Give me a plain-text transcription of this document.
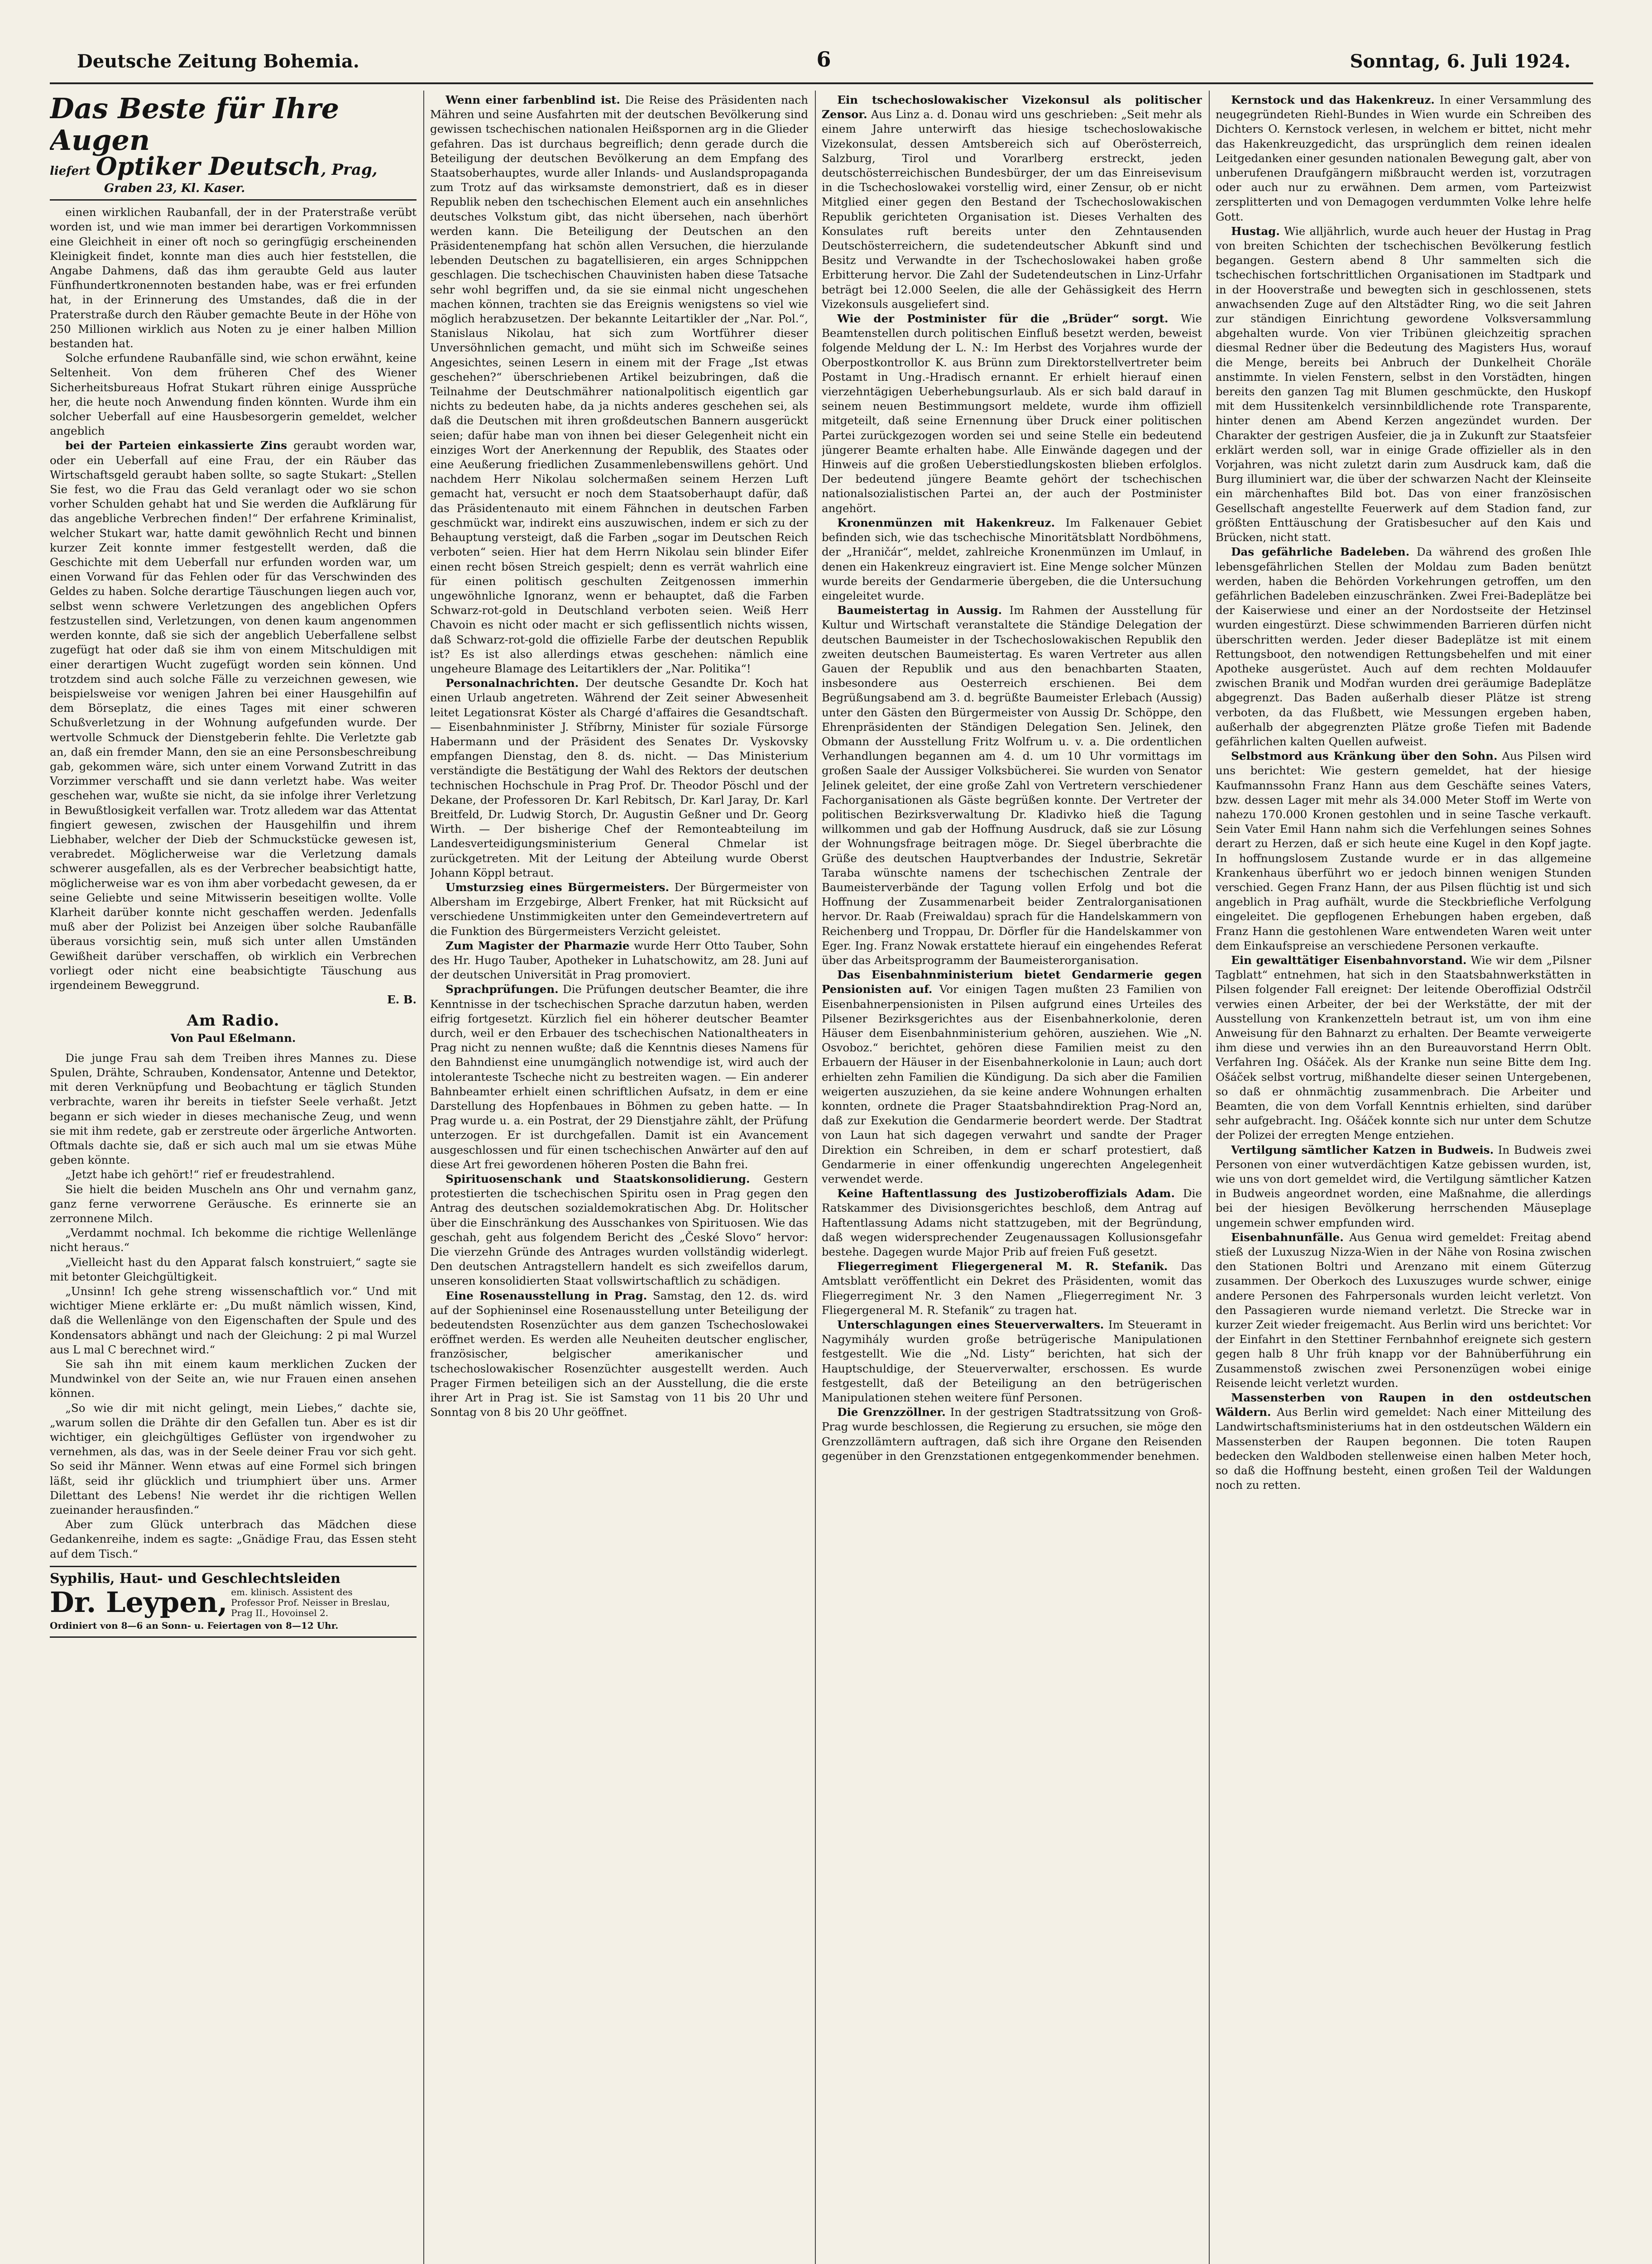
Deutsche Zeitung Bohemia.	6	Sonntag, 6. Juli 1924.
Das Beste für Ihre Augen
liefert Optiker Deutsch, Prag,
Graben 23, Kl. Kaser.

einen wirklichen Raubanfall, der in der Praterstraße verübt worden ist, und wie man immer bei derartigen Vorkommnissen eine Gleichheit in einer oft noch so geringfügig erscheinenden Kleinigkeit findet, konnte man dies auch hier feststellen, die Angabe Dahmens, daß das ihm geraubte Geld aus lauter Fünfhundertkronennoten bestanden habe, was er frei erfunden hat, in der Erinnerung des Umstandes, daß die in der Praterstraße durch den Räuber gemachte Beute in der Höhe von 250 Millionen wirklich aus Noten zu je einer halben Million bestanden hat.

Solche erfundene Raubanfälle sind, wie schon erwähnt, keine Seltenheit. Von dem früheren Chef des Wiener Sicherheitsbureaus Hofrat Stukart rühren einige Aussprüche her, die heute noch Anwendung finden könnten. Wurde ihm ein solcher Ueberfall auf eine Hausbesorgerin gemeldet, welcher angeblich

bei der Parteien einkassierte Zins geraubt worden war, oder ein Ueberfall auf eine Frau, der ein Räuber das Wirtschaftsgeld geraubt haben sollte, so sagte Stukart: „Stellen Sie fest, wo die Frau das Geld veranlagt oder wo sie schon vorher Schulden gehabt hat und Sie werden die Aufklärung für das angebliche Verbrechen finden!“ Der erfahrene Kriminalist, welcher Stukart war, hatte damit gewöhnlich Recht und binnen kurzer Zeit konnte immer festgestellt werden, daß die Geschichte mit dem Ueberfall nur erfunden worden war, um einen Vorwand für das Fehlen oder für das Verschwinden des Geldes zu haben. Solche derartige Täuschungen liegen auch vor, selbst wenn schwere Verletzungen des angeblichen Opfers festzustellen sind, Verletzungen, von denen kaum angenommen werden konnte, daß sie sich der angeblich Ueberfallene selbst zugefügt hat oder daß sie ihm von einem Mitschuldigen mit einer derartigen Wucht zugefügt worden sein können. Und trotzdem sind auch solche Fälle zu verzeichnen gewesen, wie beispielsweise vor wenigen Jahren bei einer Hausgehilfin auf dem Börseplatz, die eines Tages mit einer schweren Schußverletzung in der Wohnung aufgefunden wurde. Der wertvolle Schmuck der Dienstgeberin fehlte. Die Verletzte gab an, daß ein fremder Mann, den sie an eine Personsbeschreibung gab, gekommen wäre, sich unter einem Vorwand Zutritt in das Vorzimmer verschafft und sie dann verletzt habe. Was weiter geschehen war, wußte sie nicht, da sie infolge ihrer Verletzung in Bewußtlosigkeit verfallen war. Trotz alledem war das Attentat fingiert gewesen, zwischen der Hausgehilfin und ihrem Liebhaber, welcher der Dieb der Schmuckstücke gewesen ist, verabredet. Möglicherweise war die Verletzung damals schwerer ausgefallen, als es der Verbrecher beabsichtigt hatte, möglicherweise war es von ihm aber vorbedacht gewesen, da er seine Geliebte und seine Mitwisserin beseitigen wollte. Volle Klarheit darüber konnte nicht geschaffen werden. Jedenfalls muß aber der Polizist bei Anzeigen über solche Raubanfälle überaus vorsichtig sein, muß sich unter allen Umständen Gewißheit darüber verschaffen, ob wirklich ein Verbrechen vorliegt oder nicht eine beabsichtigte Täuschung aus irgendeinem Beweggrund.

E. B.
Am Radio.
Von Paul Eßelmann.

Die junge Frau sah dem Treiben ihres Mannes zu. Diese Spulen, Drähte, Schrauben, Kondensator, Antenne und Detektor, mit deren Verknüpfung und Beobachtung er täglich Stunden verbrachte, waren ihr bereits in tiefster Seele verhaßt. Jetzt begann er sich wieder in dieses mechanische Zeug, und wenn sie mit ihm redete, gab er zerstreute oder ärgerliche Antworten. Oftmals dachte sie, daß er sich auch mal um sie etwas Mühe geben könnte.

„Jetzt habe ich gehört!“ rief er freudestrahlend.

Sie hielt die beiden Muscheln ans Ohr und vernahm ganz, ganz ferne verworrene Geräusche. Es erinnerte sie an zerronnene Milch.

„Verdammt nochmal. Ich bekomme die richtige Wellenlänge nicht heraus.“

„Vielleicht hast du den Apparat falsch konstruiert,“ sagte sie mit betonter Gleichgültigkeit.

„Unsinn! Ich gehe streng wissenschaftlich vor.“ Und mit wichtiger Miene erklärte er: „Du mußt nämlich wissen, Kind, daß die Wellenlänge von den Eigenschaften der Spule und des Kondensators abhängt und nach der Gleichung: 2 pi mal Wurzel aus L mal C berechnet wird.“

Sie sah ihn mit einem kaum merklichen Zucken der Mundwinkel von der Seite an, wie nur Frauen einen ansehen können.

„So wie dir mit nicht gelingt, mein Liebes,“ dachte sie, „warum sollen die Drähte dir den Gefallen tun. Aber es ist dir wichtiger, ein gleichgültiges Geflüster von irgendwoher zu vernehmen, als das, was in der Seele deiner Frau vor sich geht. So seid ihr Männer. Wenn etwas auf eine Formel sich bringen läßt, seid ihr glücklich und triumphiert über uns. Armer Dilettant des Lebens! Nie werdet ihr die richtigen Wellen zueinander herausfinden.“

Aber zum Glück unterbrach das Mädchen diese Gedankenreihe, indem es sagte: „Gnädige Frau, das Essen steht auf dem Tisch.“

Syphilis, Haut- und Geschlechtsleiden
Dr. Leypen, em. klinisch. Assistent des Professor Prof. Neisser in Breslau, Prag II., Hovoinsel 2.
Ordiniert von 8—6 an Sonn- u. Feiertagen von 8—12 Uhr.

Wenn einer farbenblind ist. Die Reise des Präsidenten nach Mähren und seine Ausfahrten mit der deutschen Bevölkerung sind gewissen tschechischen nationalen Heißspornen arg in die Glieder gefahren. Das ist durchaus begreiflich; denn gerade durch die Beteiligung der deutschen Bevölkerung an dem Empfang des Staatsoberhauptes, wurde aller Inlands- und Auslandspropaganda zum Trotz auf das wirksamste demonstriert, daß es in dieser Republik neben den tschechischen Element auch ein ansehnliches deutsches Volkstum gibt, das nicht übersehen, nach überhört werden kann. Die Beteiligung der Deutschen an den Präsidentenempfang hat schön allen Versuchen, die hierzulande lebenden Deutschen zu bagatellisieren, ein arges Schnippchen geschlagen. Die tschechischen Chauvinisten haben diese Tatsache sehr wohl begriffen und, da sie sie einmal nicht ungeschehen machen können, trachten sie das Ereignis wenigstens so viel wie möglich herabzusetzen. Der bekannte Leitartikler der „Nar. Pol.“, Stanislaus Nikolau, hat sich zum Wortführer dieser Unversöhnlichen gemacht, und müht sich im Schweiße seines Angesichtes, seinen Lesern in einem mit der Frage „Ist etwas geschehen?“ überschriebenen Artikel beizubringen, daß die Teilnahme der Deutschmährer nationalpolitisch eigentlich gar nichts zu bedeuten habe, da ja nichts anderes geschehen sei, als daß die Deutschen mit ihren großdeutschen Bannern ausgerückt seien; dafür habe man von ihnen bei dieser Gelegenheit nicht ein einziges Wort der Anerkennung der Republik, des Staates oder eine Aeußerung friedlichen Zusammenlebenswillens gehört. Und nachdem Herr Nikolau solchermaßen seinem Herzen Luft gemacht hat, versucht er noch dem Staatsoberhaupt dafür, daß das Präsidentenauto mit einem Fähnchen in deutschen Farben geschmückt war, indirekt eins auszuwischen, indem er sich zu der Behauptung versteigt, daß die Farben „sogar im Deutschen Reich verboten“ seien. Hier hat dem Herrn Nikolau sein blinder Eifer einen recht bösen Streich gespielt; denn es verrät wahrlich eine für einen politisch geschulten Zeitgenossen immerhin ungewöhnliche Ignoranz, wenn er behauptet, daß die Farben Schwarz-rot-gold in Deutschland verboten seien. Weiß Herr Chavoin es nicht oder macht er sich geflissentlich nichts wissen, daß Schwarz-rot-gold die offizielle Farbe der deutschen Republik ist? Es ist also allerdings etwas geschehen: nämlich eine ungeheure Blamage des Leitartiklers der „Nar. Politika“!

Personalnachrichten. Der deutsche Gesandte Dr. Koch hat einen Urlaub angetreten. Während der Zeit seiner Abwesenheit leitet Legationsrat Köster als Chargé d'affaires die Gesandtschaft. — Eisenbahnminister J. Stříbrny, Minister für soziale Fürsorge Habermann und der Präsident des Senates Dr. Vyskovsky empfangen Dienstag, den 8. ds. nicht. — Das Ministerium verständigte die Bestätigung der Wahl des Rektors der deutschen technischen Hochschule in Prag Prof. Dr. Theodor Pöschl und der Dekane, der Professoren Dr. Karl Rebitsch, Dr. Karl Jaray, Dr. Karl Breitfeld, Dr. Ludwig Storch, Dr. Augustin Geßner und Dr. Georg Wirth. — Der bisherige Chef der Remonteabteilung im Landesverteidigungsministerium General Chmelar ist zurückgetreten. Mit der Leitung der Abteilung wurde Oberst Johann Köppl betraut.

Umsturzsieg eines Bürgermeisters. Der Bürgermeister von Albersham im Erzgebirge, Albert Frenker, hat mit Rücksicht auf verschiedene Unstimmigkeiten unter den Gemeindevertretern auf die Funktion des Bürgermeisters Verzicht geleistet.

Zum Magister der Pharmazie wurde Herr Otto Tauber, Sohn des Hr. Hugo Tauber, Apotheker in Luhatschowitz, am 28. Juni auf der deutschen Universität in Prag promoviert.

Sprachprüfungen. Die Prüfungen deutscher Beamter, die ihre Kenntnisse in der tschechischen Sprache darzutun haben, werden eifrig fortgesetzt. Kürzlich fiel ein höherer deutscher Beamter durch, weil er den Erbauer des tschechischen Nationaltheaters in Prag nicht zu nennen wußte; daß die Kenntnis dieses Namens für den Bahndienst eine unumgänglich notwendige ist, wird auch der intoleranteste Tscheche nicht zu bestreiten wagen. — Ein anderer Bahnbeamter erhielt einen schriftlichen Aufsatz, in dem er eine Darstellung des Hopfenbaues in Böhmen zu geben hatte. — In Prag wurde u. a. ein Postrat, der 29 Dienstjahre zählt, der Prüfung unterzogen. Er ist durchgefallen. Damit ist ein Avancement ausgeschlossen und für einen tschechischen Anwärter auf den auf diese Art frei gewordenen höheren Posten die Bahn frei.

Spirituosenschank und Staatskonsolidierung. Gestern protestierten die tschechischen Spiritu osen in Prag gegen den Antrag des deutschen sozialdemokratischen Abg. Dr. Holitscher über die Einschränkung des Ausschankes von Spirituosen. Wie das geschah, geht aus folgendem Bericht des „České Slovo“ hervor: Die vierzehn Gründe des Antrages wurden vollständig widerlegt. Den deutschen Antragstellern handelt es sich zweifellos darum, unseren konsolidierten Staat vollswirtschaftlich zu schädigen.

Eine Rosenausstellung in Prag. Samstag, den 12. ds. wird auf der Sophieninsel eine Rosenausstellung unter Beteiligung der bedeutendsten Rosenzüchter aus dem ganzen Tschechoslowakei eröffnet werden. Es werden alle Neuheiten deutscher englischer, französischer, belgischer amerikanischer und tschechoslowakischer Rosenzüchter ausgestellt werden. Auch Prager Firmen beteiligen sich an der Ausstellung, die die erste ihrer Art in Prag ist. Sie ist Samstag von 11 bis 20 Uhr und Sonntag von 8 bis 20 Uhr geöffnet.

Ein tschechoslowakischer Vizekonsul als politischer Zensor. Aus Linz a. d. Donau wird uns geschrieben: „Seit mehr als einem Jahre unterwirft das hiesige tschechoslowakische Vizekonsulat, dessen Amtsbereich sich auf Oberösterreich, Salzburg, Tirol und Vorarlberg erstreckt, jeden deutschösterreichischen Bundesbürger, der um das Einreisevisum in die Tschechoslowakei vorstellig wird, einer Zensur, ob er nicht Mitglied einer gegen den Bestand der Tschechoslowakischen Republik gerichteten Organisation ist. Dieses Verhalten des Konsulates ruft bereits unter den Zehntausenden Deutschösterreichern, die sudetendeutscher Abkunft sind und Besitz und Verwandte in der Tschechoslowakei haben große Erbitterung hervor. Die Zahl der Sudetendeutschen in Linz-Urfahr beträgt bei 12.000 Seelen, die alle der Gehässigkeit des Herrn Vizekonsuls ausgeliefert sind.

Wie der Postminister für die „Brüder“ sorgt. Wie Beamtenstellen durch politischen Einfluß besetzt werden, beweist folgende Meldung der L. N.: Im Herbst des Vorjahres wurde der Oberpostkontrollor K. aus Brünn zum Direktorstellvertreter beim Postamt in Ung.-Hradisch ernannt. Er erhielt hierauf einen vierzehntägigen Ueberhebungsurlaub. Als er sich bald darauf in seinem neuen Bestimmungsort meldete, wurde ihm offiziell mitgeteilt, daß seine Ernennung über Druck einer politischen Partei zurückgezogen worden sei und seine Stelle ein bedeutend jüngerer Beamte erhalten habe. Alle Einwände dagegen und der Hinweis auf die großen Ueberstiedlungskosten blieben erfolglos. Der bedeutend jüngere Beamte gehört der tschechischen nationalsozialistischen Partei an, der auch der Postminister angehört.

Kronenmünzen mit Hakenkreuz. Im Falkenauer Gebiet befinden sich, wie das tschechische Minoritätsblatt Nordböhmens, der „Hraničár“, meldet, zahlreiche Kronenmünzen im Umlauf, in denen ein Hakenkreuz eingraviert ist. Eine Menge solcher Münzen wurde bereits der Gendarmerie übergeben, die die Untersuchung eingeleitet wurde.

Baumeistertag in Aussig. Im Rahmen der Ausstellung für Kultur und Wirtschaft veranstaltete die Ständige Delegation der deutschen Baumeister in der Tschechoslowakischen Republik den zweiten deutschen Baumeistertag. Es waren Vertreter aus allen Gauen der Republik und aus den benachbarten Staaten, insbesondere aus Oesterreich erschienen. Bei dem Begrüßungsabend am 3. d. begrüßte Baumeister Erlebach (Aussig) unter den Gästen den Bürgermeister von Aussig Dr. Schöppe, den Ehrenpräsidenten der Ständigen Delegation Sen. Jelinek, den Obmann der Ausstellung Fritz Wolfrum u. v. a. Die ordentlichen Verhandlungen begannen am 4. d. um 10 Uhr vormittags im großen Saale der Aussiger Volksbücherei. Sie wurden von Senator Jelinek geleitet, der eine große Zahl von Vertretern verschiedener Fachorganisationen als Gäste begrüßen konnte. Der Vertreter der politischen Bezirksverwaltung Dr. Kladivko hieß die Tagung willkommen und gab der Hoffnung Ausdruck, daß sie zur Lösung der Wohnungsfrage beitragen möge. Dr. Siegel überbrachte die Grüße des deutschen Hauptverbandes der Industrie, Sekretär Taraba wünschte namens der tschechischen Zentrale der Baumeisterverbände der Tagung vollen Erfolg und bot die Hoffnung der Zusammenarbeit beider Zentralorganisationen hervor. Dr. Raab (Freiwaldau) sprach für die Handelskammern von Reichenberg und Troppau, Dr. Dörfler für die Handelskammer von Eger. Ing. Franz Nowak erstattete hierauf ein eingehendes Referat über das Arbeitsprogramm der Baumeisterorganisation.

Das Eisenbahnministerium bietet Gendarmerie gegen Pensionisten auf. Vor einigen Tagen mußten 23 Familien von Eisenbahnerpensionisten in Pilsen aufgrund eines Urteiles des Pilsener Bezirksgerichtes aus der Eisenbahnerkolonie, deren Häuser dem Eisenbahnministerium gehören, ausziehen. Wie „N. Osvoboz.“ berichtet, gehören diese Familien meist zu den Erbauern der Häuser in der Eisenbahnerkolonie in Laun; auch dort erhielten zehn Familien die Kündigung. Da sich aber die Familien weigerten auszuziehen, da sie keine andere Wohnungen erhalten konnten, ordnete die Prager Staatsbahndirektion Prag-Nord an, daß zur Exekution die Gendarmerie beordert werde. Der Stadtrat von Laun hat sich dagegen verwahrt und sandte der Prager Direktion ein Schreiben, in dem er scharf protestiert, daß Gendarmerie in einer offenkundig ungerechten Angelegenheit verwendet werde.

Keine Haftentlassung des Justizoberoffizials Adam. Die Ratskammer des Divisionsgerichtes beschloß, dem Antrag auf Haftentlassung Adams nicht stattzugeben, mit der Begründung, daß wegen widersprechender Zeugenaussagen Kollusionsgefahr bestehe. Dagegen wurde Major Prib auf freien Fuß gesetzt.

Fliegerregiment Fliegergeneral M. R. Stefanik. Das Amtsblatt veröffentlicht ein Dekret des Präsidenten, womit das Fliegerregiment Nr. 3 den Namen „Fliegerregiment Nr. 3 Fliegergeneral M. R. Stefanik“ zu tragen hat.

Unterschlagungen eines Steuerverwalters. Im Steueramt in Nagymihály wurden große betrügerische Manipulationen festgestellt. Wie die „Nd. Listy“ berichten, hat sich der Hauptschuldige, der Steuerverwalter, erschossen. Es wurde festgestellt, daß der Beteiligung an den betrügerischen Manipulationen stehen weitere fünf Personen.

Die Grenzzöllner. In der gestrigen Stadtratssitzung von Groß-Prag wurde beschlossen, die Regierung zu ersuchen, sie möge den Grenzzollämtern auftragen, daß sich ihre Organe den Reisenden gegenüber in den Grenzstationen entgegenkommender benehmen.

Kernstock und das Hakenkreuz. In einer Versammlung des neugegründeten Riehl-Bundes in Wien wurde ein Schreiben des Dichters O. Kernstock verlesen, in welchem er bittet, nicht mehr das Hakenkreuzgedicht, das ursprünglich dem reinen idealen Leitgedanken einer gesunden nationalen Bewegung galt, aber von unberufenen Draufgängern mißbraucht werden ist, vorzutragen oder auch nur zu erwähnen. Dem armen, vom Parteizwist zersplitterten und von Demagogen verdummten Volke lehre helfe Gott.

Hustag. Wie alljährlich, wurde auch heuer der Hustag in Prag von breiten Schichten der tschechischen Bevölkerung festlich begangen. Gestern abend 8 Uhr sammelten sich die tschechischen fortschrittlichen Organisationen im Stadtpark und in der Hooverstraße und bewegten sich in geschlossenen, stets anwachsenden Zuge auf den Altstädter Ring, wo die seit Jahren zur ständigen Einrichtung gewordene Volksversammlung abgehalten wurde. Von vier Tribünen gleichzeitig sprachen diesmal Redner über die Bedeutung des Magisters Hus, worauf die Menge, bereits bei Anbruch der Dunkelheit Chorälе anstimmte. In vielen Fenstern, selbst in den Vorstädten, hingen bereits den ganzen Tag mit Blumen geschmückte, den Huskopf mit dem Hussitenkelch versinnbildlichende rote Transparente, hinter denen am Abend Kerzen angezündet wurden. Der Charakter der gestrigen Ausfeier, die ja in Zukunft zur Staatsfeier erklärt werden soll, war in einige Grade offizieller als in den Vorjahren, was nicht zuletzt darin zum Ausdruck kam, daß die Burg illuminiert war, die über der schwarzen Nacht der Kleinseite ein märchenhaftes Bild bot. Das von einer französischen Gesellschaft angestellte Feuerwerk auf dem Stadion fand, zur größten Enttäuschung der Gratisbesucher auf den Kais und Brücken, nicht statt.

Das gefährliche Badeleben. Da während des großen Ihle lebensgefährlichen Stellen der Moldau zum Baden benützt werden, haben die Behörden Vorkehrungen getroffen, um den gefährlichen Badeleben einzuschränken. Zwei Frei-Badeplätze bei der Kaiserwiese und einer an der Nordostseite der Hetzinsel wurden eingestürzt. Diese schwimmenden Barrieren dürfen nicht überschritten werden. Jeder dieser Badeplätze ist mit einem Rettungsboot, den notwendigen Rettungsbehelfen und mit einer Apotheke ausgerüstet. Auch auf dem rechten Moldauufer zwischen Branik und Modřan wurden drei geräumige Badeplätze abgegrenzt. Das Baden außerhalb dieser Plätze ist streng verboten, da das Flußbett, wie Messungen ergeben haben, außerhalb der abgegrenzten Plätze große Tiefen mit Badende gefährlichen kalten Quellen aufweist.

Selbstmord aus Kränkung über den Sohn. Aus Pilsen wird uns berichtet: Wie gestern gemeldet, hat der hiesige Kaufmannssohn Franz Hann aus dem Geschäfte seines Vaters, bzw. dessen Lager mit mehr als 34.000 Meter Stoff im Werte von nahezu 170.000 Kronen gestohlen und in seine Tasche verkauft. Sein Vater Emil Hann nahm sich die Verfehlungen seines Sohnes derart zu Herzen, daß er sich heute eine Kugel in den Kopf jagte. In hoffnungslosem Zustande wurde er in das allgemeine Krankenhaus überführt wo er jedoch binnen wenigen Stunden verschied. Gegen Franz Hann, der aus Pilsen flüchtig ist und sich angeblich in Prag aufhält, wurde die Steckbriefliche Verfolgung eingeleitet. Die gepflogenen Erhebungen haben ergeben, daß Franz Hann die gestohlenen Ware entwendeten Waren weit unter dem Einkaufspreise an verschiedene Personen verkaufte.

Ein gewalttätiger Eisenbahnvorstand. Wie wir dem „Pilsner Tagblatt“ entnehmen, hat sich in den Staatsbahnwerkstätten in Pilsen folgender Fall ereignet: Der leitende Oberoffizial Odstrčil verwies einen Arbeiter, der bei der Werkstätte, der mit der Ausstellung von Krankenzetteln betraut ist, um von ihm eine Anweisung für den Bahnarzt zu erhalten. Der Beamte verweigerte ihm diese und verwies ihn an den Bureauvorstand Herrn Oblt. Verfahren Ing. Ošáček. Als der Kranke nun seine Bitte dem Ing. Ošáček selbst vortrug, mißhandelte dieser seinen Untergebenen, so daß er ohnmächtig zusammenbrach. Die Arbeiter und Beamten, die von dem Vorfall Kenntnis erhielten, sind darüber sehr aufgebracht. Ing. Ošáček konnte sich nur unter dem Schutze der Polizei der erregten Menge entziehen.

Vertilgung sämtlicher Katzen in Budweis. In Budweis zwei Personen von einer wutverdächtigen Katze gebissen wurden, ist, wie uns von dort gemeldet wird, die Vertilgung sämtlicher Katzen in Budweis angeordnet worden, eine Maßnahme, die allerdings bei der hiesigen Bevölkerung herrschenden Mäuseplage ungemein schwer empfunden wird.

Eisenbahnunfälle. Aus Genua wird gemeldet: Freitag abend stieß der Luxuszug Nizza-Wien in der Nähe von Rosina zwischen den Stationen Boltri und Arenzano mit einem Güterzug zusammen. Der Oberkoch des Luxuszuges wurde schwer, einige andere Personen des Fahrpersonals wurden leicht verletzt. Von den Passagieren wurde niemand verletzt. Die Strecke war in kurzer Zeit wieder freigemacht. Aus Berlin wird uns berichtet: Vor der Einfahrt in den Stettiner Fernbahnhof ereignete sich gestern gegen halb 8 Uhr früh knapp vor der Bahnüberführung ein Zusammenstoß zwischen zwei Personenzügen wobei einige Reisende leicht verletzt wurden.

Massensterben von Raupen in den ostdeutschen Wäldern. Aus Berlin wird gemeldet: Nach einer Mitteilung des Landwirtschaftsministeriums hat in den ostdeutschen Wäldern ein Massensterben der Raupen begonnen. Die toten Raupen bedecken den Waldboden stellenweise einen halben Meter hoch, so daß die Hoffnung besteht, einen großen Teil der Waldungen noch zu retten.
